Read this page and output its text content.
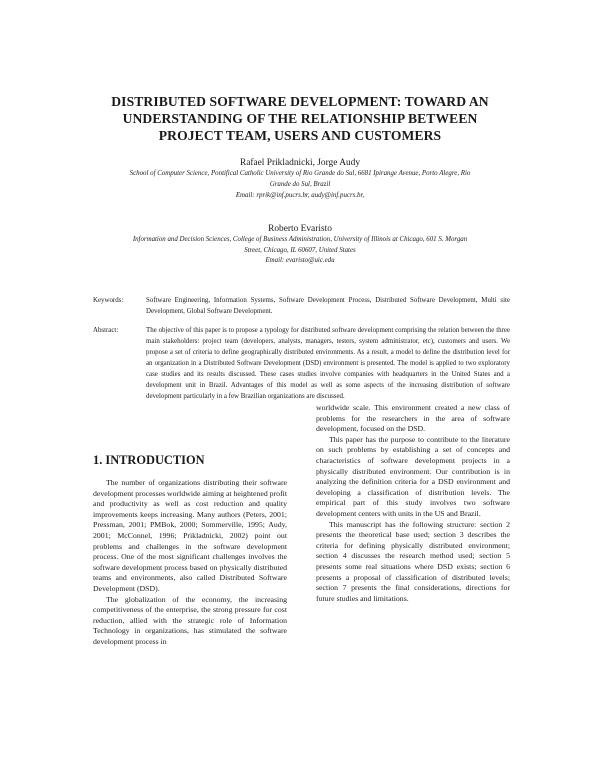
DISTRIBUTED SOFTWARE DEVELOPMENT: TOWARD AN
UNDERSTANDING OF THE RELATIONSHIP BETWEEN
PROJECT TEAM, USERS AND CUSTOMERS
Rafael Prikladnicki, Jorge Audy
School of Computer Science, Pontifical Catholic University of Rio Grande do Sul, 6681 Ipirange Avenue, Porto Alegre, Rio
Grande do Sul, Brazil
Email: rprik@inf.pucrs.br, audy@inf.pucrs.br,
Roberto Evaristo
Information and Decision Sciences, College of Business Administration, University of Illinois at Chicago, 601 S. Morgan
Street, Chicago, IL 60607, United States
Email: evaristo@uic.edu
Keywords:	Software Engineering, Information Systems, Software Development Process, Distributed Software Development, Multi site Development, Global Software Development.
Abstract:	The objective of this paper is to propose a typology for distributed software development comprising the relation between the three main stakeholders: project team (developers, analysts, managers, testers, system administrator, etc), customers and users. We propose a set of criteria to define geographically distributed environments. As a result, a model to define the distribution level for an organization in a Distributed Software Development (DSD) environment is presented. The model is applied to two exploratory case studies and its results discussed. These cases studies involve companies with headquarters in the United States and a development unit in Brazil. Advantages of this model as well as some aspects of the increasing distribution of software development particularly in a few Brazilian organizations are discussed.
1. INTRODUCTION

The number of organizations distributing their software development processes worldwide aiming at heightened profit and productivity as well as cost reduction and quality improvements keeps increasing. Many authors (Peters, 2001; Pressman, 2001; PMBok, 2000; Sommerville, 1995; Audy, 2001; McConnel, 1996; Prikladnicki, 2002) point out problems and challenges in the software development process. One of the most significant challenges involves the software development process based on physically distributed teams and environments, also called Distributed Software Development (DSD).

The globalization of the economy, the increasing competitiveness of the enterprise, the strong pressure for cost reduction, allied with the strategic role of Information Technology in organizations, has stimulated the software development process in

worldwide scale. This environment created a new class of problems for the researchers in the area of software development, focused on the DSD.

This paper has the purpose to contribute to the literature on such problems by establishing a set of concepts and characteristics of software development projects in a physically distributed environment. Our contribution is in analyzing the definition criteria for a DSD environment and developing a classification of distribution levels. The empirical part of this study involves two software development centers with units in the US and Brazil.

This manuscript has the following structure: section 2 presents the theoretical base used; section 3 describes the criteria for defining physically distributed environment; section 4 discusses the research method used; section 5 presents some real situations where DSD exists; section 6 presents a proposal of classification of distributed levels; section 7 presents the final considerations, directions for future studies and limitations.
